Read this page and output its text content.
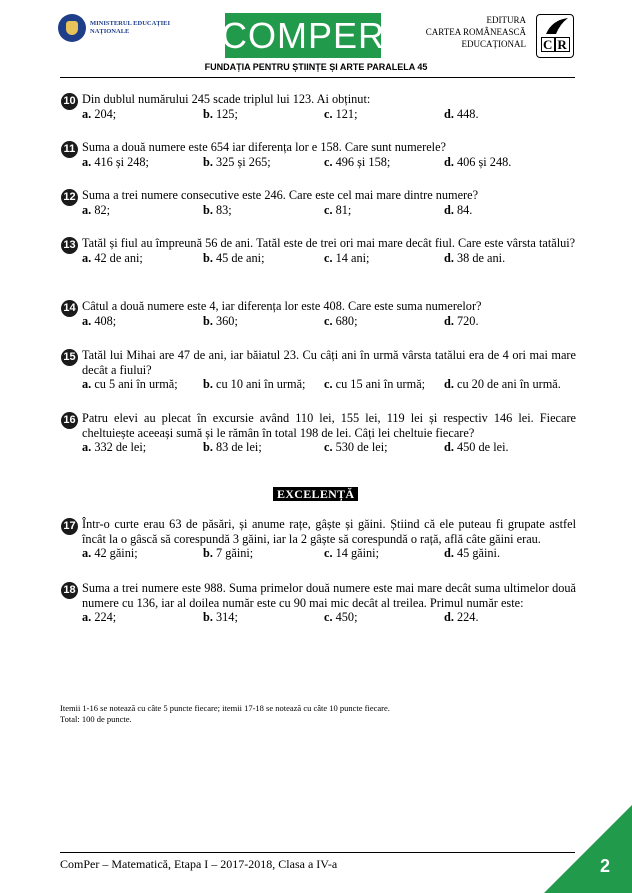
MINISTERUL EDUCAȚIEI
NAȚIONALE	COMPER	EDITURA
CARTEA ROMÂNEASCĂ
EDUCAȚIONAL C R
FUNDAȚIA PENTRU ȘTIINȚE ȘI ARTE PARALELA 45
10 Din dublul numărului 245 scade triplul lui 123. Ai obținut:
a. 204;	b. 125;	c. 121;	d. 448.
11 Suma a două numere este 654 iar diferența lor e 158. Care sunt numerele?
a. 416 și 248;	b. 325 și 265;	c. 496 și 158;	d. 406 și 248.
12 Suma a trei numere consecutive este 246. Care este cel mai mare dintre numere?
a. 82;	b. 83;	c. 81;	d. 84.
13 Tatăl și fiul au împreună 56 de ani. Tatăl este de trei ori mai mare decât fiul. Care este vârsta tatălui?
a. 42 de ani;	b. 45 de ani;	c. 14 ani;	d. 38 de ani.
14 Câtul a două numere este 4, iar diferența lor este 408. Care este suma numerelor?
a. 408;	b. 360;	c. 680;	d. 720.
15 Tatăl lui Mihai are 47 de ani, iar băiatul 23. Cu câți ani în urmă vârsta tatălui era de 4 ori mai mare decât a fiului?
a. cu 5 ani în urmă; b. cu 10 ani în urmă; c. cu 15 ani în urmă; d. cu 20 de ani în urmă.
16 Patru elevi au plecat în excursie având 110 lei, 155 lei, 119 lei și respectiv 146 lei. Fiecare cheltuiește aceeași sumă și le rămân în total 198 de lei. Câți lei cheltuie fiecare?
a. 332 de lei;	b. 83 de lei;	c. 530 de lei;	d. 450 de lei.
EXCELENȚĂ
17 Într-o curte erau 63 de păsări, și anume rațe, gâște și găini. Știind că ele puteau fi grupate astfel încât la o gâscă să corespundă 3 găini, iar la 2 gâște să corespundă o rață, află câte găini erau.
a. 42 găini;	b. 7 găini;	c. 14 găini;	d. 45 găini.
18 Suma a trei numere este 988. Suma primelor două numere este mai mare decât suma ultimelor două numere cu 136, iar al doilea număr este cu 90 mai mic decât al treilea. Primul număr este:
a. 224;	b. 314;	c. 450;	d. 224.
Itemii 1-16 se notează cu câte 5 puncte fiecare; itemii 17-18 se notează cu câte 10 puncte fiecare.
Total: 100 de puncte.
ComPer – Matematică, Etapa I – 2017-2018, Clasa a IV-a	2
